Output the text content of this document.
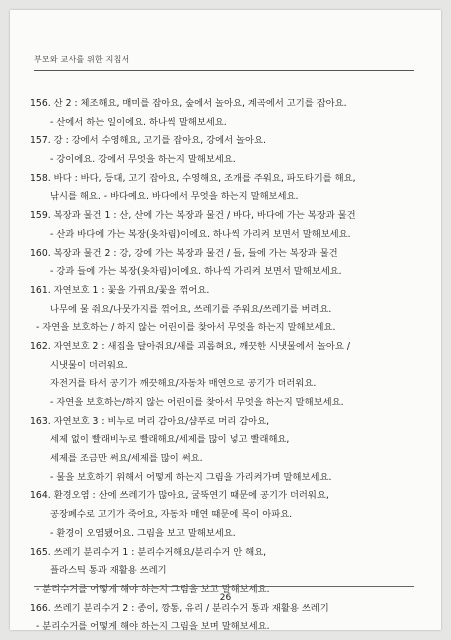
부모와 교사를 위한 지침서
156. 산 2 : 체조해요, 매미를 잡아요, 숲에서 놀아요, 계곡에서 고기를 잡아요.
- 산에서 하는 일이에요. 하나씩 말해보세요.
157. 강 : 강에서 수영해요, 고기를 잡아요, 강에서 놀아요.
- 강이에요. 강에서 무엇을 하는지 말해보세요.
158. 바다 : 바다, 등대, 고기 잡아요, 수영해요, 조개를 주워요, 파도타기를 해요,
낚시를 해요. - 바다예요. 바다에서 무엇을 하는지 말해보세요.
159. 복장과 물건 1 : 산, 산에 가는 복장과 물건 / 바다, 바다에 가는 복장과 물건
- 산과 바다에 가는 복장(옷차림)이에요. 하나씩 가리켜 보면서 말해보세요.
160. 복장과 물건 2 : 강, 강에 가는 복장과 물건 / 들, 들에 가는 복장과 물건
- 강과 들에 가는 복장(옷차림)이에요. 하나씩 가리켜 보면서 말해보세요.
161. 자연보호 1 : 꽃을 가꿔요/꽃을 꺾어요.
나무에 물 줘요/나뭇가지를 꺾어요, 쓰레기를 주워요/쓰레기를 버려요.
- 자연을 보호하는 / 하지 않는 어린이를 찾아서 무엇을 하는지 말해보세요.
162. 자연보호 2 : 새집을 달아줘요/새를 괴롭혀요, 깨끗한 시냇물에서 놀아요 /
시냇물이 더러워요.
자전거를 타서 공기가 깨끗해요/자동차 매연으로 공기가 더러워요.
- 자연을 보호하는/하지 않는 어린이를 찾아서 무엇을 하는지 말해보세요.
163. 자연보호 3 : 비누로 머리 감아요/샴푸로 머리 감아요,
세제 없이 빨래비누로 빨래해요/세제를 많이 넣고 빨래해요,
세제를 조금만 써요/세제를 많이 써요.
- 물을 보호하기 위해서 어떻게 하는지 그림을 가리켜가며 말해보세요.
164. 환경오염 : 산에 쓰레기가 많아요, 굴뚝연기 때문에 공기가 더러워요,
공장폐수로 고기가 죽어요, 자동차 매연 때문에 목이 아파요.
- 환경이 오염됐어요. 그림을 보고 말해보세요.
165. 쓰레기 분리수거 1 : 분리수거해요/분리수거 안 해요,
플라스틱 통과 재활용 쓰레기
- 분리수거를 어떻게 해야 하는지 그림을 보고 말해보세요.
166. 쓰레기 분리수거 2 : 종이, 깡통, 유리 / 분리수거 통과 재활용 쓰레기
- 분리수거를 어떻게 해야 하는지 그림을 보며 말해보세요.
26
